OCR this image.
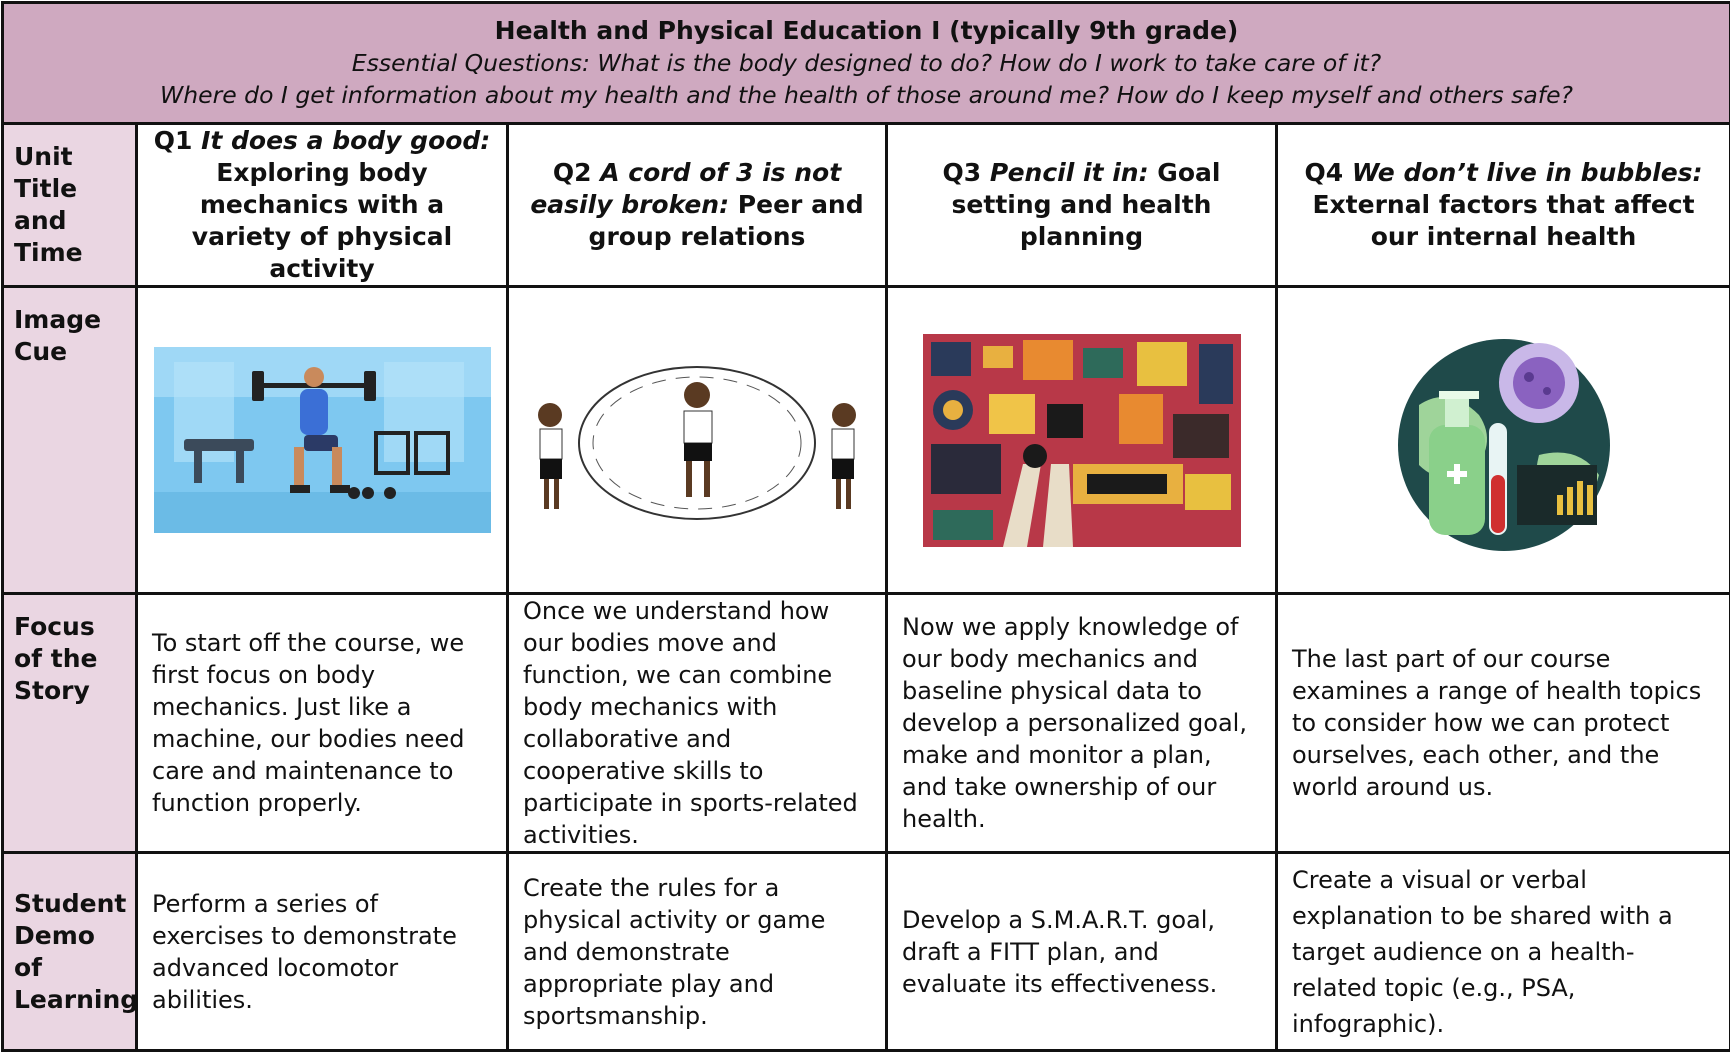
Health and Physical Education I (typically 9th grade)
Essential Questions: What is the body designed to do? How do I work to take care of it?
Where do I get information about my health and the health of those around me? How do I keep myself and others safe?				

Unit Title and Time	Q1 It does a body good: Exploring body mechanics with a variety of physical activity	Q2 A cord of 3 is not easily broken: Peer and group relations	Q3 Pencil it in: Goal setting and health planning	Q4 We don’t live in bubbles: External factors that affect our internal health
Image Cue	

Focus of the Story	To start off the course, we first focus on body mechanics. Just like a machine, our bodies need care and maintenance to function properly.	Once we understand how our bodies move and function, we can combine body mechanics with collaborative and cooperative skills to participate in sports-related activities.	Now we apply knowledge of our body mechanics and baseline physical data to develop a personalized goal, make and monitor a plan, and take ownership of our health.	The last part of our course examines a range of health topics to consider how we can protect ourselves, each other, and the world around us.
Student Demo of Learning	Perform a series of exercises to demonstrate advanced locomotor abilities.	Create the rules for a physical activity or game and demonstrate appropriate play and sportsmanship.	Develop a S.M.A.R.T. goal, draft a FITT plan, and evaluate its effectiveness.	Create a visual or verbal explanation to be shared with a target audience on a health-related topic (e.g., PSA, infographic).
